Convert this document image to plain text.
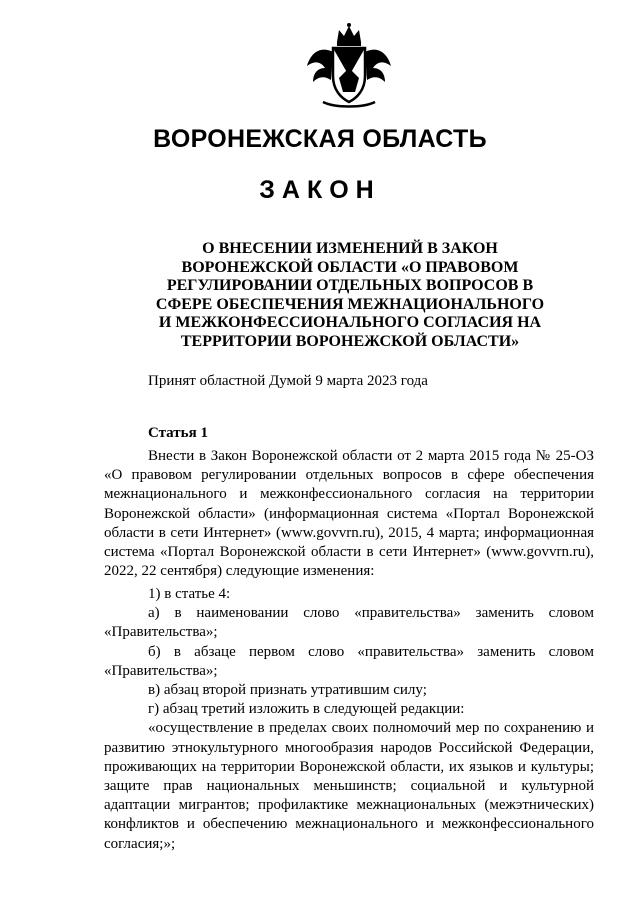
ВОРОНЕЖСКАЯ ОБЛАСТЬ
ЗАКОН
О ВНЕСЕНИИ ИЗМЕНЕНИЙ В ЗАКОН
ВОРОНЕЖСКОЙ ОБЛАСТИ «О ПРАВОВОМ
РЕГУЛИРОВАНИИ ОТДЕЛЬНЫХ ВОПРОСОВ В
СФЕРЕ ОБЕСПЕЧЕНИЯ МЕЖНАЦИОНАЛЬНОГО
И МЕЖКОНФЕССИОНАЛЬНОГО СОГЛАСИЯ НА
ТЕРРИТОРИИ ВОРОНЕЖСКОЙ ОБЛАСТИ»
Принят областной Думой 9 марта 2023 года
Статья 1
Внести в Закон Воронежской области от 2 марта 2015 года № 25-ОЗ «О правовом регулировании отдельных вопросов в сфере обеспечения межнационального и межконфессионального согласия на территории Воронежской области» (информационная система «Портал Воронежской области в сети Интернет» (www.govvrn.ru), 2015, 4 марта; информационная система «Портал Воронежской области в сети Интернет» (www.govvrn.ru), 2022, 22 сентября) следующие изменения:
1) в статье 4:
а) в наименовании слово «правительства» заменить словом «Правительства»;
б) в абзаце первом слово «правительства» заменить словом «Правительства»;
в) абзац второй признать утратившим силу;
г) абзац третий изложить в следующей редакции:
«осуществление в пределах своих полномочий мер по сохранению и развитию этнокультурного многообразия народов Российской Федерации, проживающих на территории Воронежской области, их языков и культуры; защите прав национальных меньшинств; социальной и культурной адаптации мигрантов; профилактике межнациональных (межэтнических) конфликтов и обеспечению межнационального и межконфессионального согласия;»;
